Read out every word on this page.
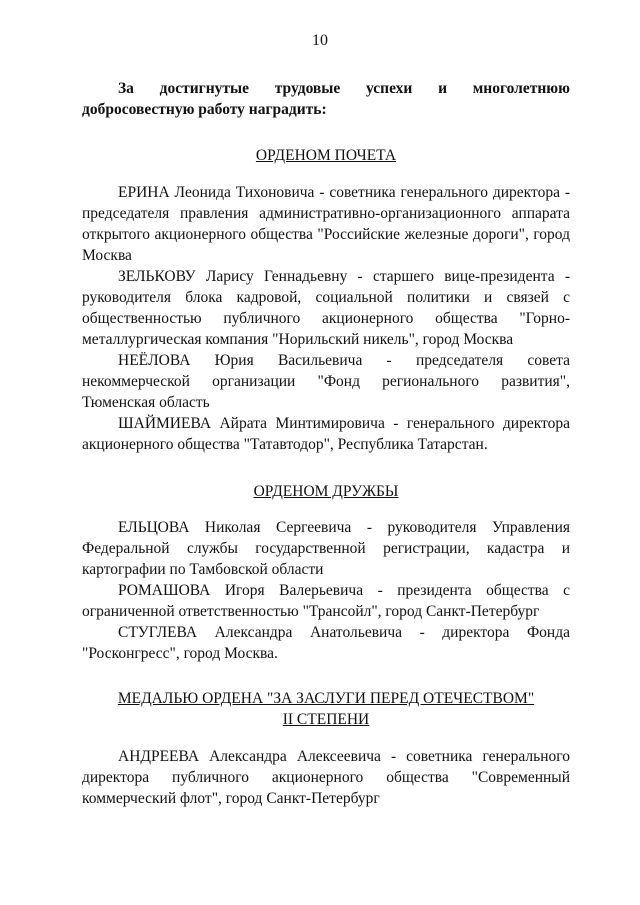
10

За достигнутые трудовые успехи и многолетнюю добросовестную работу наградить:

ОРДЕНОМ ПОЧЕТА

ЕРИНА Леонида Тихоновича - советника генерального директора - председателя правления административно-организационного аппарата открытого акционерного общества "Российские железные дороги", город Москва

ЗЕЛЬКОВУ Ларису Геннадьевну - старшего вице-президента - руководителя блока кадровой, социальной политики и связей с общественностью публичного акционерного общества "Горно-металлургическая компания "Норильский никель", город Москва

НЕЁЛОВА Юрия Васильевича - председателя совета некоммерческой организации "Фонд регионального развития", Тюменская область

ШАЙМИЕВА Айрата Минтимировича - генерального директора акционерного общества "Татавтодор", Республика Татарстан.

ОРДЕНОМ ДРУЖБЫ

ЕЛЬЦОВА Николая Сергеевича - руководителя Управления Федеральной службы государственной регистрации, кадастра и картографии по Тамбовской области

РОМАШОВА Игоря Валерьевича - президента общества с ограниченной ответственностью "Трансойл", город Санкт-Петербург

СТУГЛЕВА Александра Анатольевича - директора Фонда "Росконгресс", город Москва.

МЕДАЛЬЮ ОРДЕНА "ЗА ЗАСЛУГИ ПЕРЕД ОТЕЧЕСТВОМ"
II СТЕПЕНИ

АНДРЕЕВА Александра Алексеевича - советника генерального директора публичного акционерного общества "Современный коммерческий флот", город Санкт-Петербург
